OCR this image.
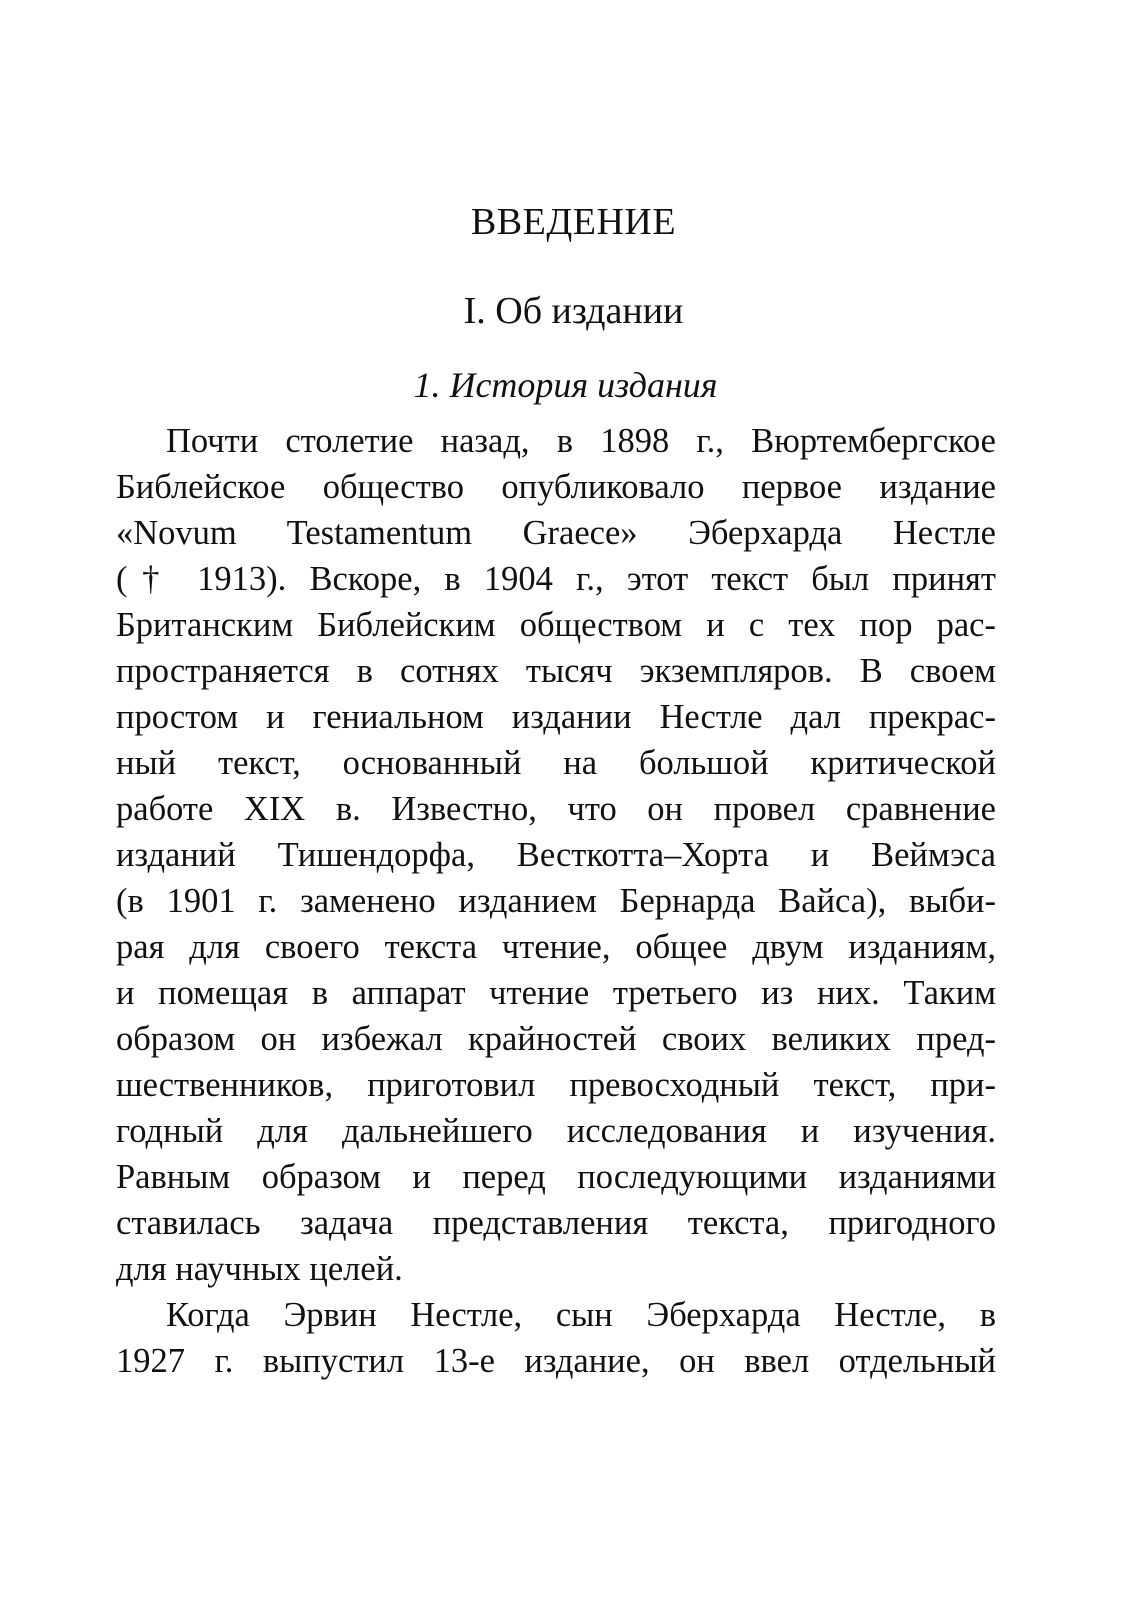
ВВЕДЕНИЕ
I. Об издании
1. История издания
Почти столетие назад, в 1898 г., Вюртембергское
Библейское общество опубликовало первое издание
«Novum Testamentum Graece» Эберхарда Нестле
(† 1913). Вскоре, в 1904 г., этот текст был принят
Британским Библейским обществом и с тех пор рас-
пространяется в сотнях тысяч экземпляров. В своем
простом и гениальном издании Нестле дал прекрас-
ный текст, основанный на большой критической
работе XIX в. Известно, что он провел сравнение
изданий Тишендорфа, Весткотта–Хорта и Веймэса
(в 1901 г. заменено изданием Бернарда Вайса), выби-
рая для своего текста чтение, общее двум изданиям,
и помещая в аппарат чтение третьего из них. Таким
образом он избежал крайностей своих великих пред-
шественников, приготовил превосходный текст, при-
годный для дальнейшего исследования и изучения.
Равным образом и перед последующими изданиями
ставилась задача представления текста, пригодного
для научных целей.
Когда Эрвин Нестле, сын Эберхарда Нестле, в
1927 г. выпустил 13-е издание, он ввел отдельный
